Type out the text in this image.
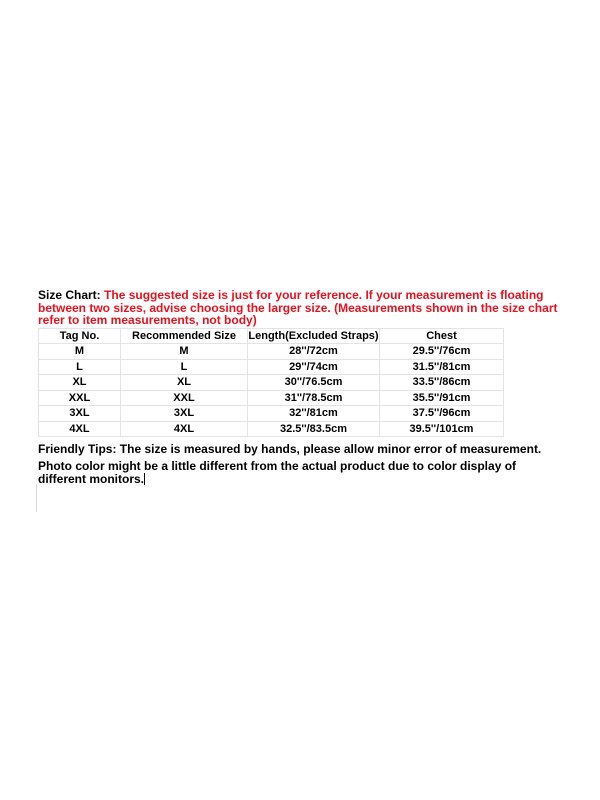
Size Chart: The suggested size is just for your reference. If your measurement is floating between two sizes, advise choosing the larger size. (Measurements shown in the size chart refer to item measurements, not body)

Tag No.	Recommended Size	Length(Excluded Straps)	Chest
M	M	28''/72cm	29.5''/76cm
L	L	29''/74cm	31.5''/81cm
XL	XL	30''/76.5cm	33.5''/86cm
XXL	XXL	31''/78.5cm	35.5''/91cm
3XL	3XL	32''/81cm	37.5''/96cm
4XL	4XL	32.5''/83.5cm	39.5''/101cm

Friendly Tips: The size is measured by hands, please allow minor error of measurement.

Photo color might be a little different from the actual product due to color display of different monitors.
